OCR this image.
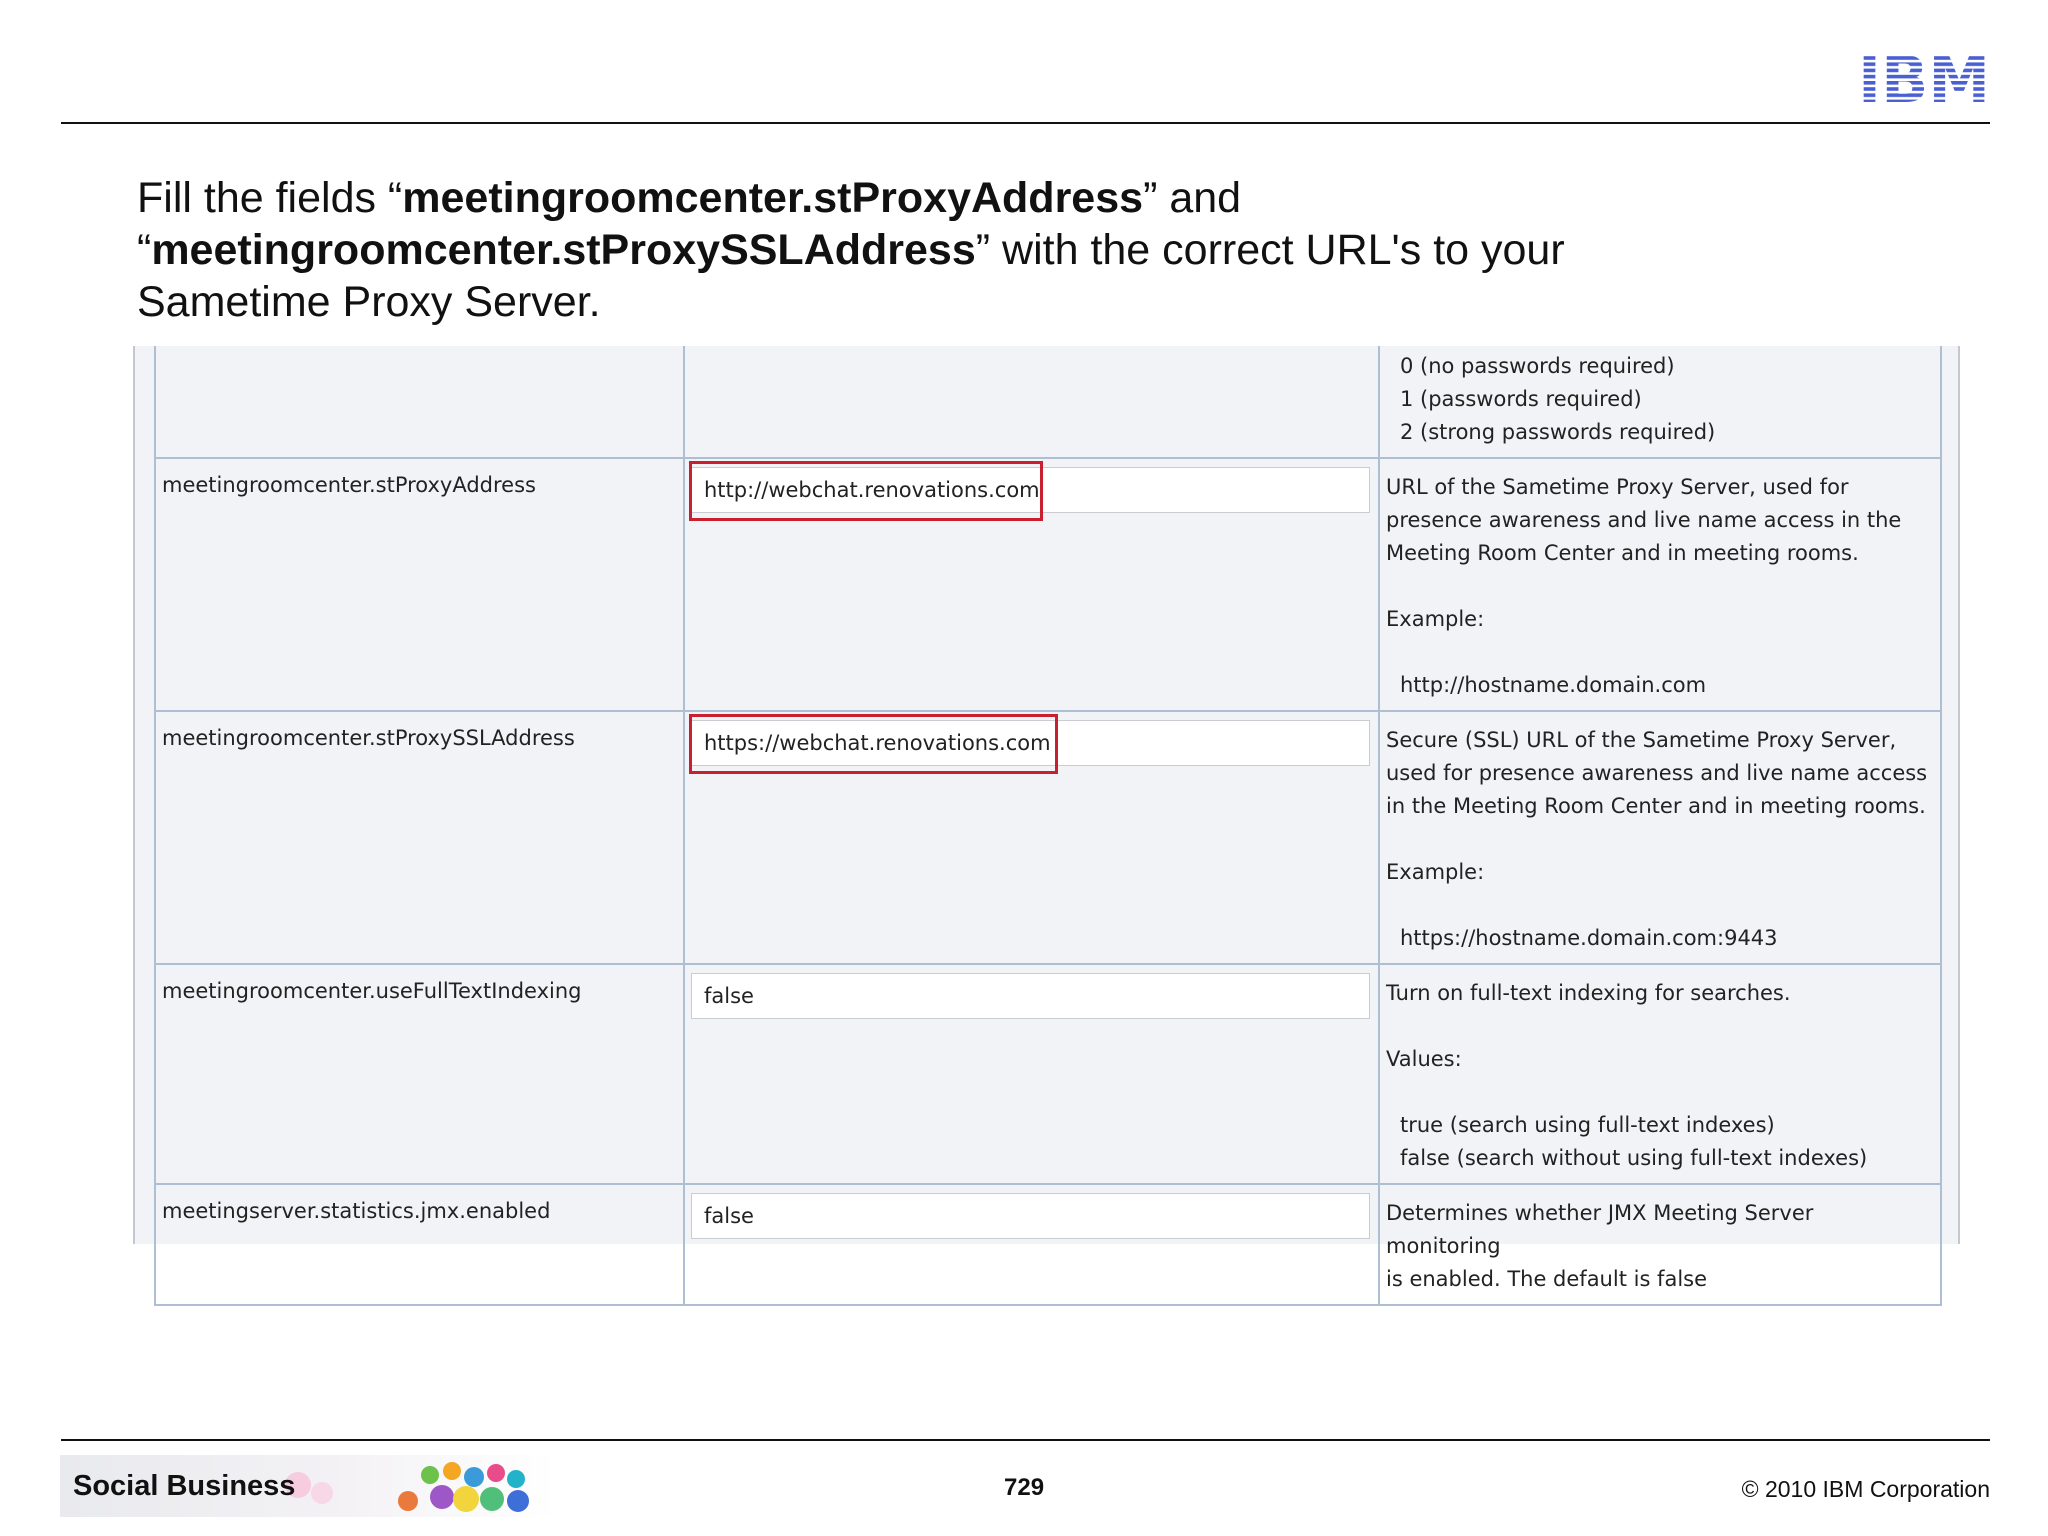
Fill the fields “meetingroomcenter.stProxyAddress” and
“meetingroomcenter.stProxySSLAddress” with the correct URL's to your
Sametime Proxy Server.

		0 (no passwords required)
1 (passwords required)
2 (strong passwords required)

meetingroomcenter.stProxyAddress	http://webchat.renovations.com	URL of the Sametime Proxy Server, used for
presence awareness and live name access in the
Meeting Room Center and in meeting rooms.
Example:
http://hostname.domain.com

meetingroomcenter.stProxySSLAddress	https://webchat.renovations.com	Secure (SSL) URL of the Sametime Proxy Server,
used for presence awareness and live name access
in the Meeting Room Center and in meeting rooms.
Example:
https://hostname.domain.com:9443

meetingroomcenter.useFullTextIndexing	false	Turn on full-text indexing for searches.
Values:
true (search using full-text indexes)
false (search without using full-text indexes)

meetingserver.statistics.jmx.enabled	false	Determines whether JMX Meeting Server monitoring
is enabled. The default is false
Social Business	729	© 2010 IBM Corporation
